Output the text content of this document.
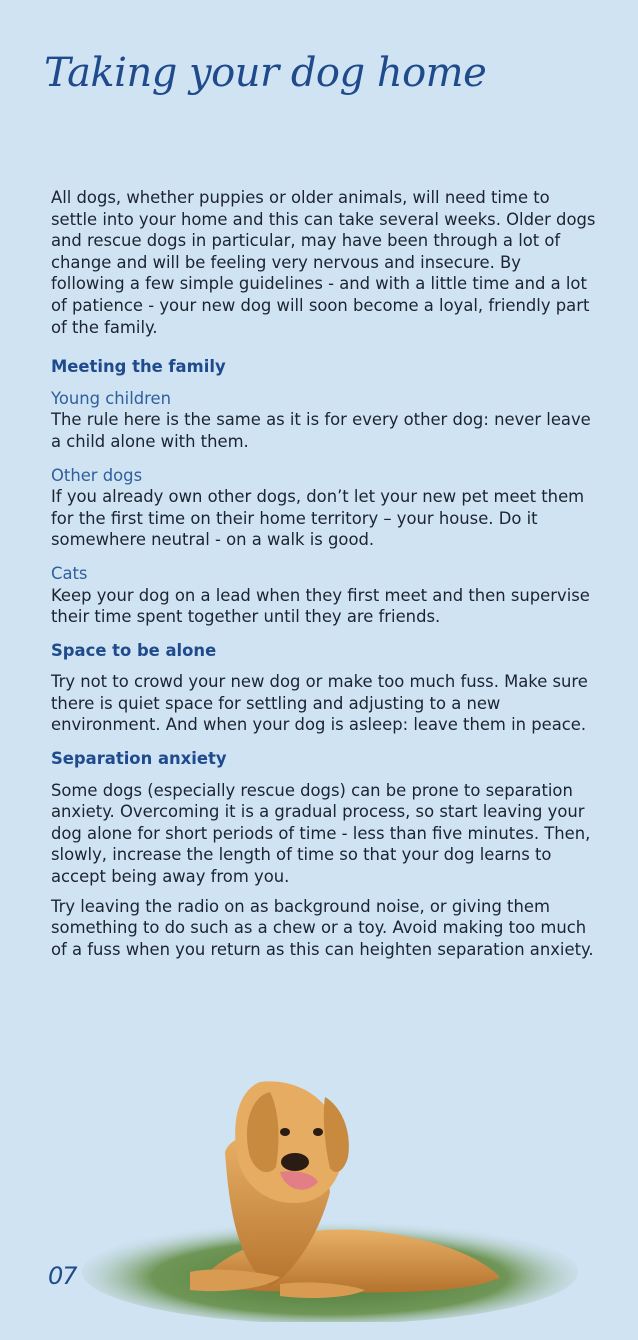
Taking your dog home

All dogs, whether puppies or older animals, will need time to settle into your home and this can take several weeks. Older dogs and rescue dogs in particular, may have been through a lot of change and will be feeling very nervous and insecure. By following a few simple guidelines - and with a little time and a lot of patience - your new dog will soon become a loyal, friendly part of the family.

Meeting the family

Young children

The rule here is the same as it is for every other dog: never leave a child alone with them.

Other dogs

If you already own other dogs, don’t let your new pet meet them for the first time on their home territory – your house. Do it somewhere neutral - on a walk is good.

Cats

Keep your dog on a lead when they first meet and then supervise their time spent together until they are friends.

Space to be alone

Try not to crowd your new dog or make too much fuss. Make sure there is quiet space for settling and adjusting to a new environment. And when your dog is asleep: leave them in peace.

Separation anxiety

Some dogs (especially rescue dogs) can be prone to separation anxiety. Overcoming it is a gradual process, so start leaving your dog alone for short periods of time - less than five minutes. Then, slowly, increase the length of time so that your dog learns to accept being away from you.

Try leaving the radio on as background noise, or giving them something to do such as a chew or a toy. Avoid making too much of a fuss when you return as this can heighten separation anxiety.

07
